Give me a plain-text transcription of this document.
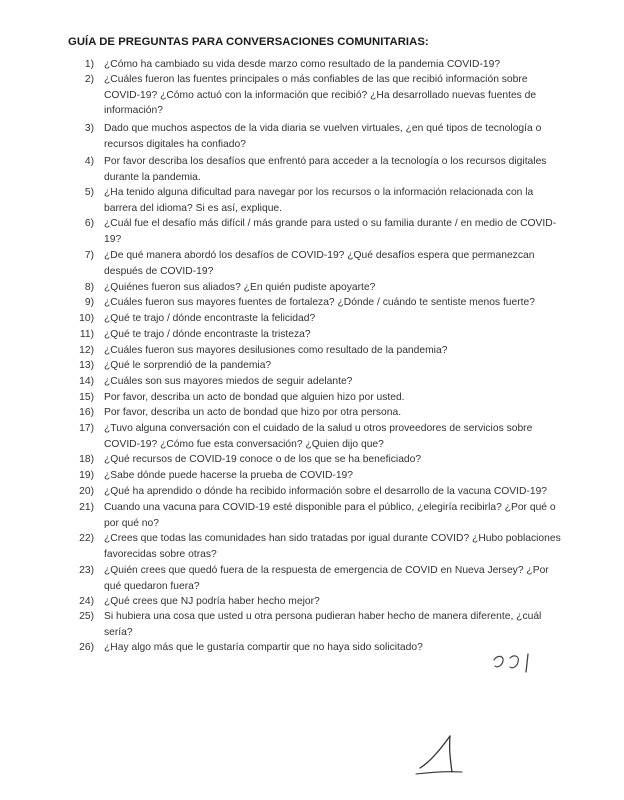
GUÍA DE PREGUNTAS PARA CONVERSACIONES COMUNITARIAS:
1) ¿Cómo ha cambiado su vida desde marzo como resultado de la pandemia COVID-19?
2) ¿Cuáles fueron las fuentes principales o más confiables de las que recibió información sobre COVID-19? ¿Cómo actuó con la información que recibió? ¿Ha desarrollado nuevas fuentes de información?
3) Dado que muchos aspectos de la vida diaria se vuelven virtuales, ¿en qué tipos de tecnología o recursos digitales ha confiado?
4) Por favor describa los desafíos que enfrentó para acceder a la tecnología o los recursos digitales durante la pandemia.
5) ¿Ha tenido alguna dificultad para navegar por los recursos o la información relacionada con la barrera del idioma? Si es así, explique.
6) ¿Cuál fue el desafío más difícil / más grande para usted o su familia durante / en medio de COVID-19?
7) ¿De qué manera abordó los desafíos de COVID-19? ¿Qué desafíos espera que permanezcan después de COVID-19?
8) ¿Quiénes fueron sus aliados? ¿En quién pudiste apoyarte?
9) ¿Cuáles fueron sus mayores fuentes de fortaleza? ¿Dónde / cuándo te sentiste menos fuerte?
10) ¿Qué te trajo / dónde encontraste la felicidad?
11) ¿Qué te trajo / dónde encontraste la tristeza?
12) ¿Cuáles fueron sus mayores desilusiones como resultado de la pandemia?
13) ¿Qué le sorprendió de la pandemia?
14) ¿Cuáles son sus mayores miedos de seguir adelante?
15) Por favor, describa un acto de bondad que alguien hizo por usted.
16) Por favor, describa un acto de bondad que hizo por otra persona.
17) ¿Tuvo alguna conversación con el cuidado de la salud u otros proveedores de servicios sobre COVID-19? ¿Cómo fue esta conversación? ¿Quien dijo que?
18) ¿Qué recursos de COVID-19 conoce o de los que se ha beneficiado?
19) ¿Sabe dónde puede hacerse la prueba de COVID-19?
20) ¿Qué ha aprendido o dónde ha recibido información sobre el desarrollo de la vacuna COVID-19?
21) Cuando una vacuna para COVID-19 esté disponible para el público, ¿elegiría recibirla? ¿Por qué o por qué no?
22) ¿Crees que todas las comunidades han sido tratadas por igual durante COVID? ¿Hubo poblaciones favorecidas sobre otras?
23) ¿Quién crees que quedó fuera de la respuesta de emergencia de COVID en Nueva Jersey? ¿Por qué quedaron fuera?
24) ¿Qué crees que NJ podría haber hecho mejor?
25) Si hubiera una cosa que usted u otra persona pudieran haber hecho de manera diferente, ¿cuál sería?
26) ¿Hay algo más que le gustaría compartir que no haya sido solicitado?
